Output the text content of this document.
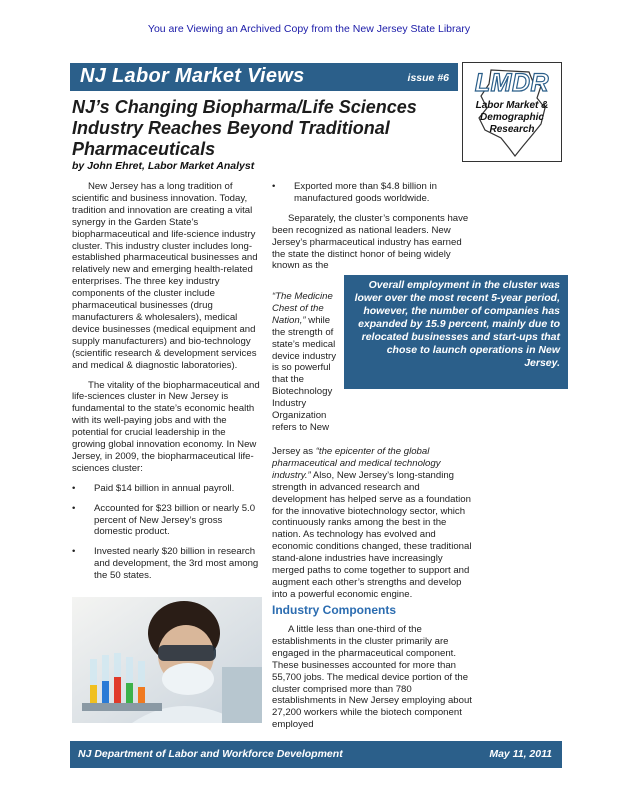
You are Viewing an Archived Copy from the New Jersey State Library
NJ Labor Market Views	issue #6	LMDR
Labor Market &
Demographic
Research
NJ’s Changing Biopharma/Life Sciences Industry Reaches Beyond Traditional Pharmaceuticals
by John Ehret, Labor Market Analyst

New Jersey has a long tradition of scientific and business innovation. Today, tradition and innovation are creating a vital synergy in the Garden State’s biopharmaceutical and life-science industry cluster. This industry cluster includes long-established pharmaceutical businesses and relatively new and emerging health-related enterprises. The three key industry components of the cluster include pharmaceutical businesses (drug manufacturers & wholesalers), medical device businesses (medical equipment and supply manufacturers) and bio-technology (scientific research & development services and medical & diagnostic laboratories).

The vitality of the biopharmaceutical and life-sciences cluster in New Jersey is fundamental to the state’s economic health with its well-paying jobs and with the potential for crucial leadership in the growing global innovation economy. In New Jersey, in 2009, the biopharmaceutical life-sciences cluster:

• Paid $14 billion in annual payroll.
• Accounted for $23 billion or nearly 5.0 percent of New Jersey’s gross domestic product.
• Invested nearly $20 billion in research and development, the 3rd most among the 50 states.
• Exported more than $4.8 billion in manufactured goods worldwide.

Separately, the cluster’s components have been recognized as national leaders. New Jersey’s pharmaceutical industry has earned the state the distinct honor of being widely known as the

“The Medicine Chest of the Nation,” while the strength of state’s medical device industry is so powerful that the Biotechnology Industry Organization refers to New
Overall employment in the cluster was lower over the most recent 5-year period, however, the number of companies has expanded by 15.9 percent, mainly due to relocated businesses and start-ups that chose to launch operations in New Jersey.

Jersey as “the epicenter of the global pharmaceutical and medical technology industry.” Also, New Jersey’s long-standing strength in advanced research and development has helped serve as a foundation for the innovative biotechnology sector, which continuously ranks among the best in the nation. As technology has evolved and economic conditions changed, these traditional stand-alone industries have increasingly merged paths to come together to support and augment each other’s strengths and develop into a powerful economic engine.

Industry Components

A little less than one-third of the establishments in the cluster primarily are engaged in the pharmaceutical component. These businesses accounted for more than 55,700 jobs. The medical device portion of the cluster comprised more than 780 establishments in New Jersey employing about 27,200 workers while the biotech component employed

NJ Department of Labor and Workforce Development	May 11, 2011
